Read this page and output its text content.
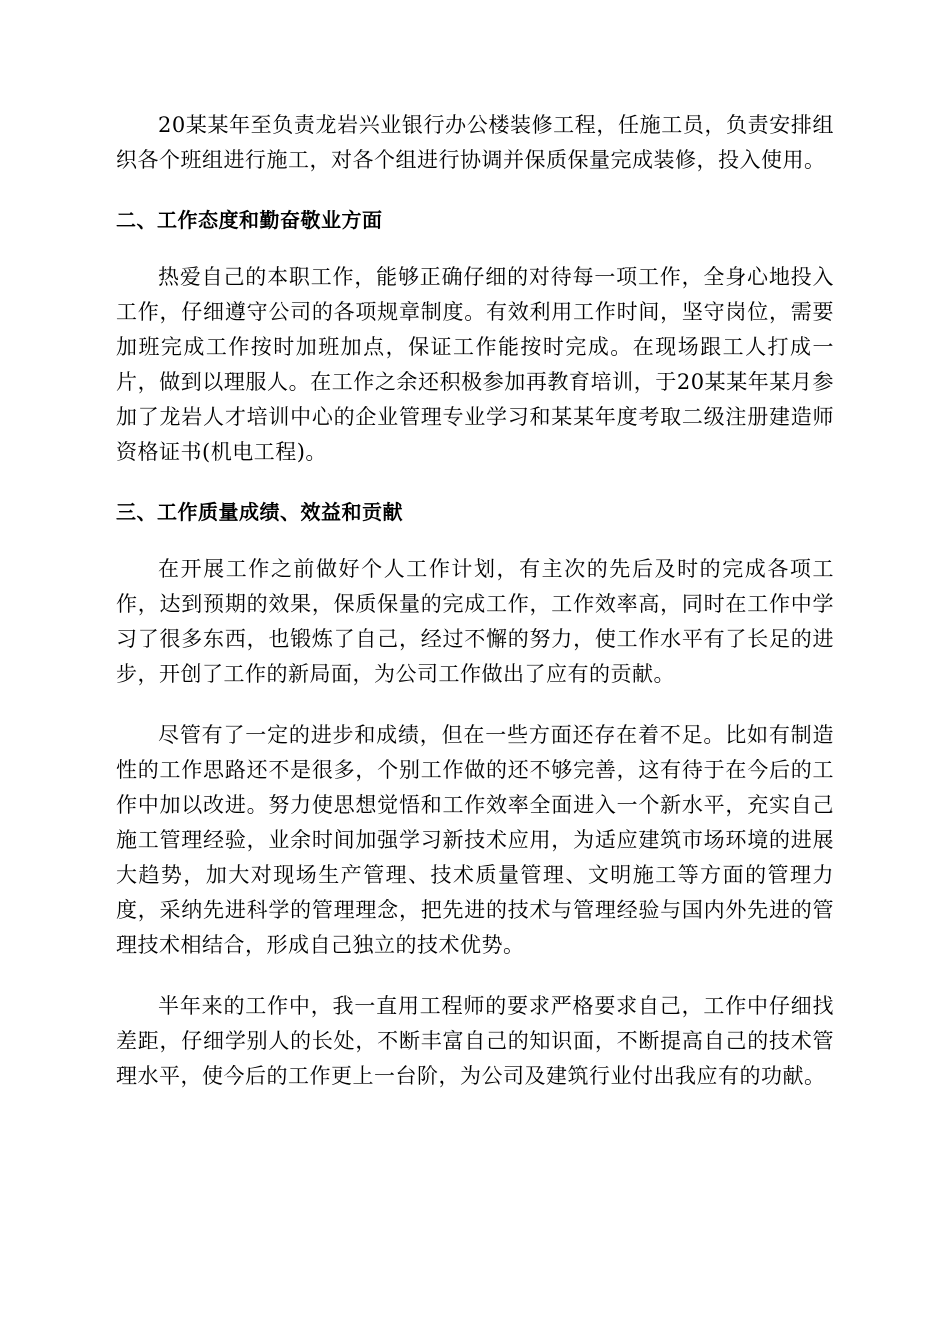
20某某年至负责龙岩兴业银行办公楼装修工程，任施工员，负责安排组织各个班组进行施工，对各个组进行协调并保质保量完成装修，投入使用。

二、工作态度和勤奋敬业方面

热爱自己的本职工作，能够正确仔细的对待每一项工作，全身心地投入工作，仔细遵守公司的各项规章制度。有效利用工作时间，坚守岗位，需要加班完成工作按时加班加点，保证工作能按时完成。在现场跟工人打成一片，做到以理服人。在工作之余还积极参加再教育培训，于20某某年某月参加了龙岩人才培训中心的企业管理专业学习和某某年度考取二级注册建造师资格证书(机电工程)。

三、工作质量成绩、效益和贡献

在开展工作之前做好个人工作计划，有主次的先后及时的完成各项工作，达到预期的效果，保质保量的完成工作，工作效率高，同时在工作中学习了很多东西，也锻炼了自己，经过不懈的努力，使工作水平有了长足的进步，开创了工作的新局面，为公司工作做出了应有的贡献。

尽管有了一定的进步和成绩，但在一些方面还存在着不足。比如有制造性的工作思路还不是很多，个别工作做的还不够完善，这有待于在今后的工作中加以改进。努力使思想觉悟和工作效率全面进入一个新水平，充实自己施工管理经验，业余时间加强学习新技术应用，为适应建筑市场环境的进展大趋势，加大对现场生产管理、技术质量管理、文明施工等方面的管理力度，采纳先进科学的管理理念，把先进的技术与管理经验与国内外先进的管理技术相结合，形成自己独立的技术优势。

半年来的工作中，我一直用工程师的要求严格要求自己，工作中仔细找差距，仔细学别人的长处，不断丰富自己的知识面，不断提高自己的技术管理水平，使今后的工作更上一台阶，为公司及建筑行业付出我应有的功献。
